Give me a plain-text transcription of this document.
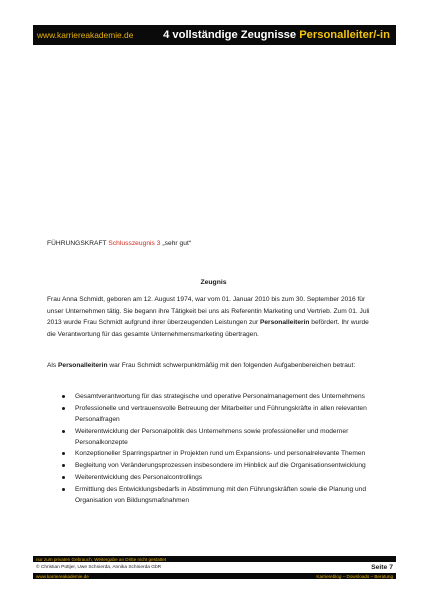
www.karriereakademie.de	4 vollständige Zeugnisse Personalleiter/-in
FÜHRUNGSKRAFT Schlusszeugnis 3 „sehr gut“
Zeugnis

Frau Anna Schmidt, geboren am 12. August 1974, war vom 01. Januar 2010 bis zum 30. September 2016 für unser Unternehmen tätig. Sie begann ihre Tätigkeit bei uns als Referentin Marketing und Vertrieb. Zum 01. Juli 2013 wurde Frau Schmidt aufgrund ihrer überzeugenden Leistungen zur Personalleiterin befördert. Ihr wurde die Verantwortung für das gesamte Unternehmensmarketing übertragen.

Als Personalleiterin war Frau Schmidt schwerpunktmäßig mit den folgenden Aufgabenbereichen betraut:

Gesamtverantwortung für das strategische und operative Personalmanagement des Unternehmens
Professionelle und vertrauensvolle Betreuung der Mitarbeiter und Führungskräfte in allen relevanten Personalfragen
Weiterentwicklung der Personalpolitik des Unternehmens sowie professioneller und moderner Personalkonzepte
Konzeptioneller Sparringspartner in Projekten rund um Expansions- und personalrelevante Themen
Begleitung von Veränderungsprozessen insbesondere im Hinblick auf die Organisationsentwicklung
Weiterentwicklung des Personalcontrollings
Ermittlung des Entwicklungsbedarfs in Abstimmung mit den Führungskräften sowie die Planung und Organisation von Bildungsmaßnahmen
nur zum privaten Gebrauch, Weitergabe an Dritte nicht gestattet
© Christian Püttjer, Uwe Schnierda, Annika Schnierda GbR	Seite 7
www.karriereakademie.de	Karriereblog – Downloads – Beratung
